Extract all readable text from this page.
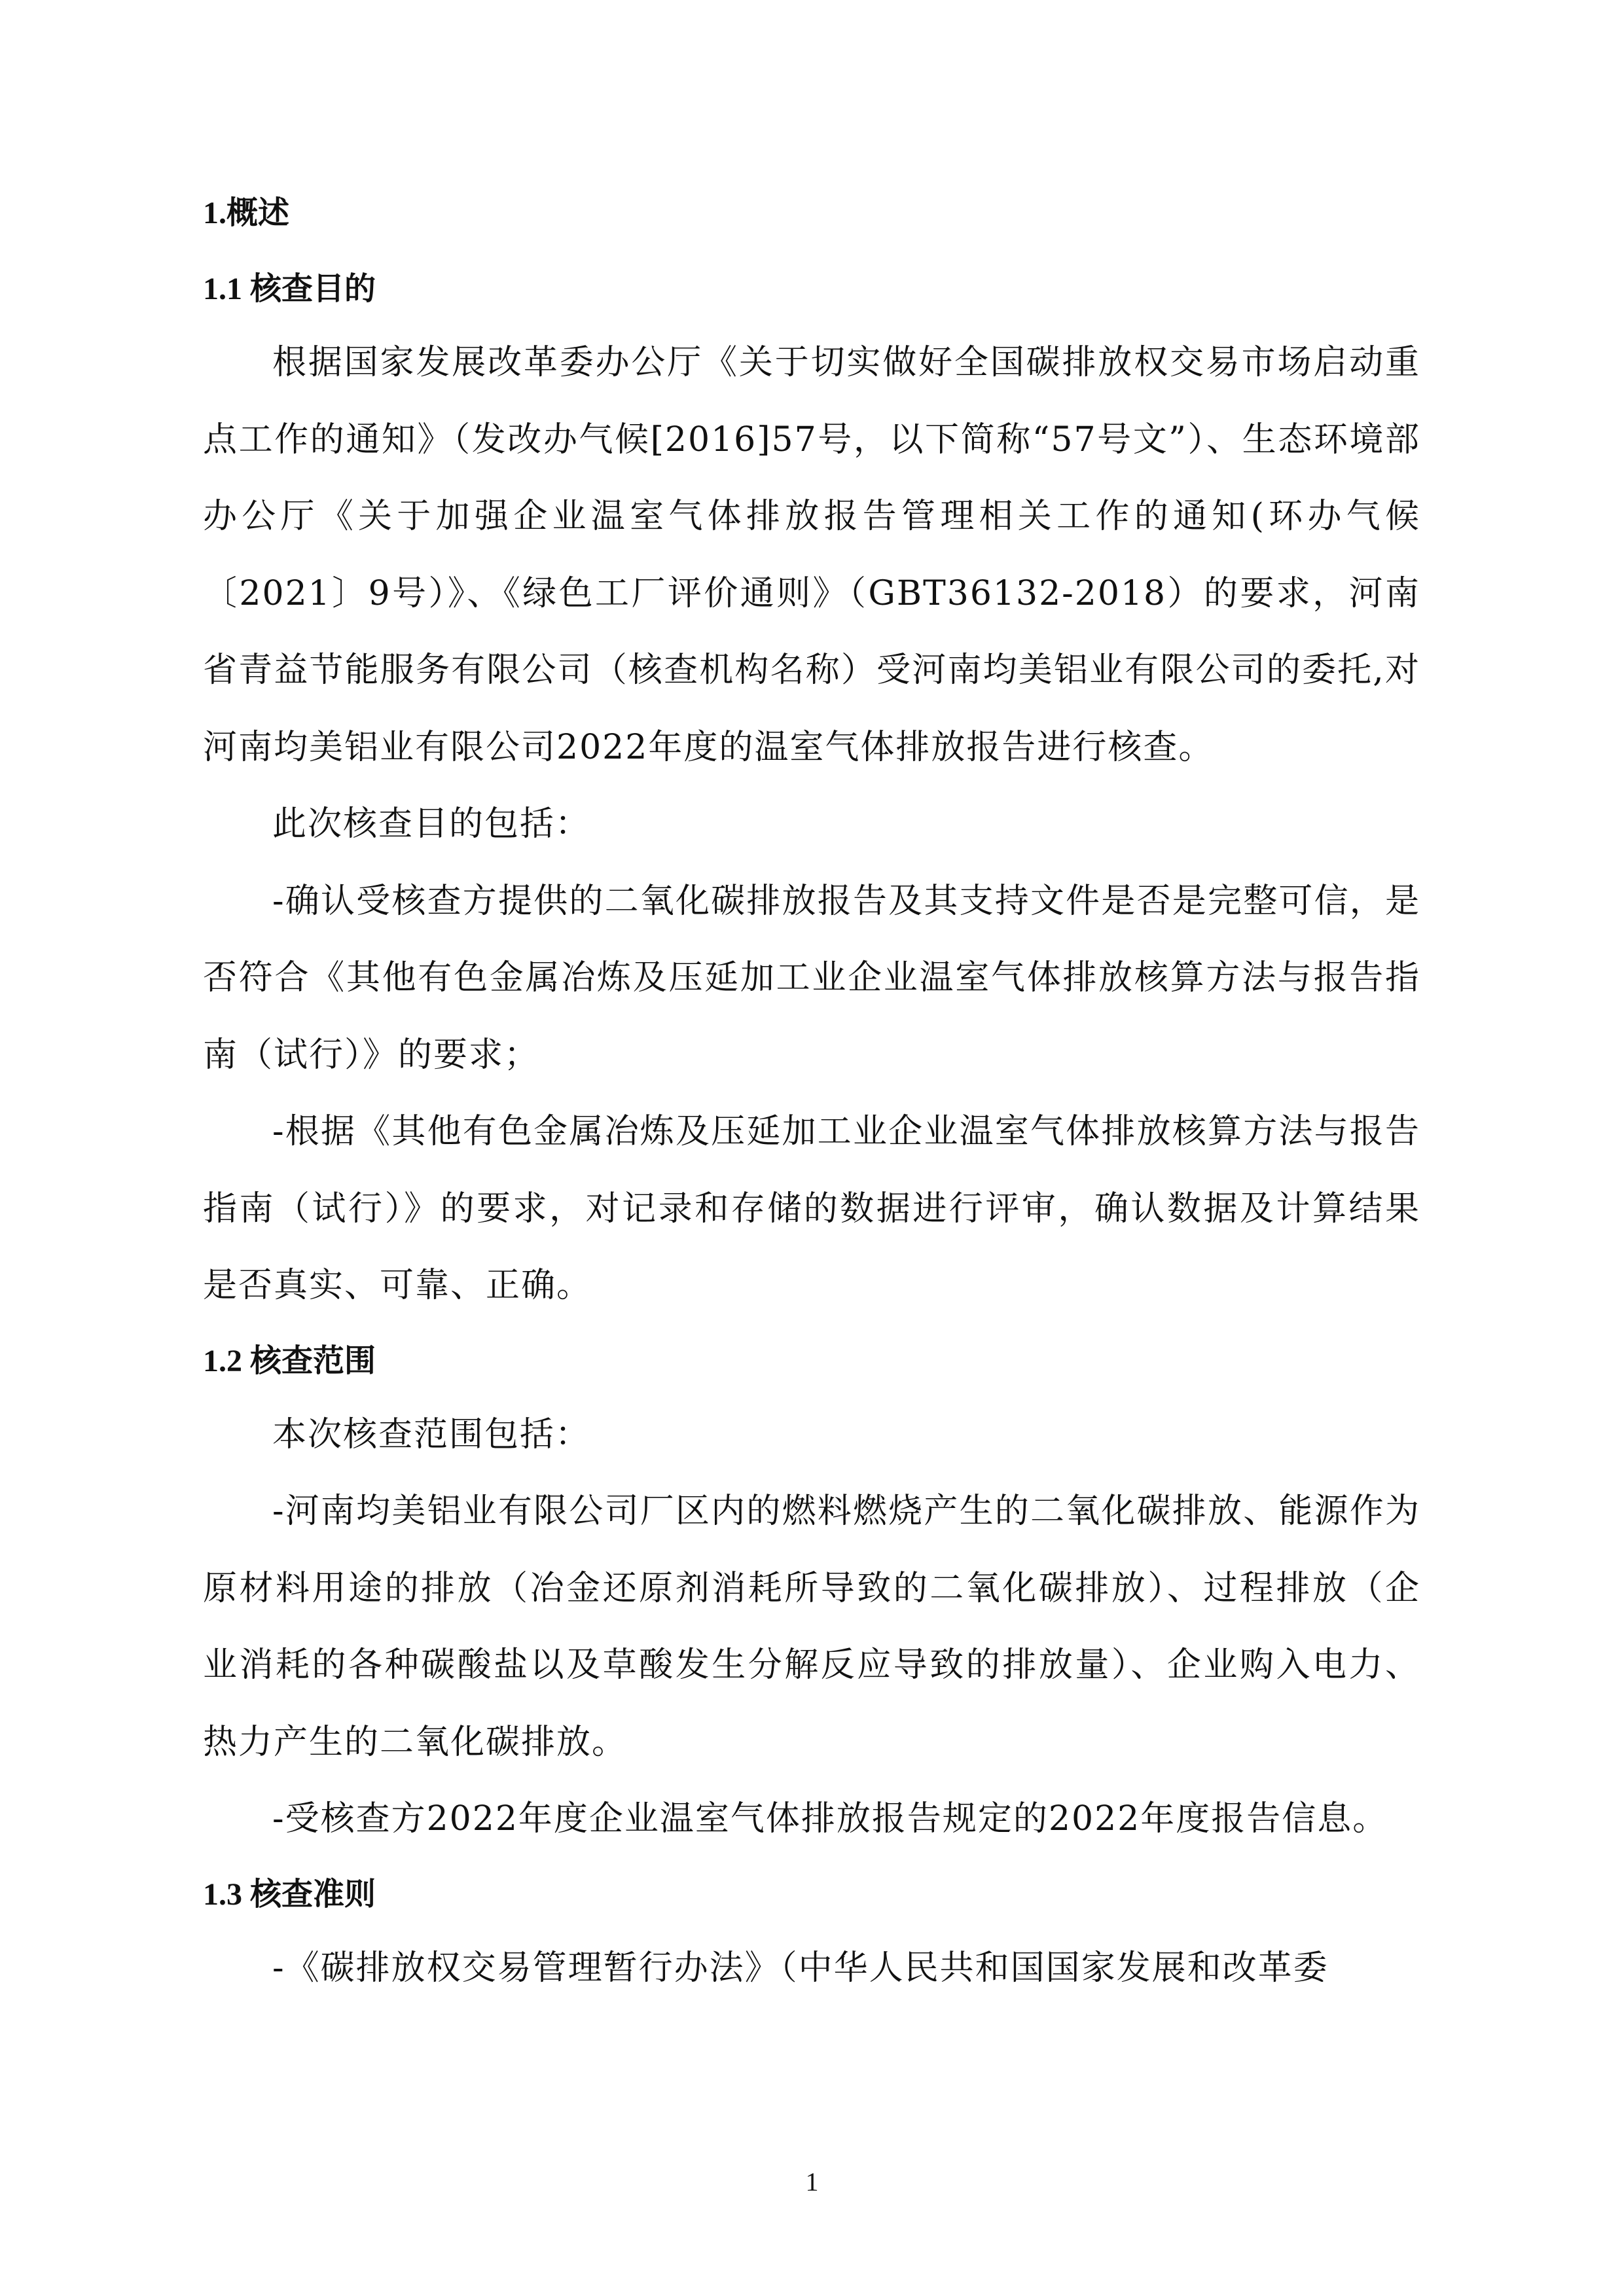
1.概述
1.1 核查目的

根据国家发展改革委办公厅《关于切实做好全国碳排放权交易市场启动重点工作的通知》（发改办气候[2016]57号，以下简称“57号文”）、生态环境部办公厅《关于加强企业温室气体排放报告管理相关工作的通知(环办气候〔2021〕9号）》、《绿色工厂评价通则》（GBT36132-2018）的要求，河南省青益节能服务有限公司（核查机构名称）受河南均美铝业有限公司的委托,对河南均美铝业有限公司2022年度的温室气体排放报告进行核查。

此次核查目的包括：

-确认受核查方提供的二氧化碳排放报告及其支持文件是否是完整可信，是否符合《其他有色金属冶炼及压延加工业企业温室气体排放核算方法与报告指南（试行）》的要求；

-根据《其他有色金属冶炼及压延加工业企业温室气体排放核算方法与报告指南（试行）》的要求，对记录和存储的数据进行评审，确认数据及计算结果是否真实、可靠、正确。

1.2 核查范围

本次核查范围包括：

-河南均美铝业有限公司厂区内的燃料燃烧产生的二氧化碳排放、能源作为原材料用途的排放（冶金还原剂消耗所导致的二氧化碳排放）、过程排放（企业消耗的各种碳酸盐以及草酸发生分解反应导致的排放量）、企业购入电力、热力产生的二氧化碳排放。

-受核查方2022年度企业温室气体排放报告规定的2022年度报告信息。

1.3 核查准则

-《碳排放权交易管理暂行办法》（中华人民共和国国家发展和改革委

1
